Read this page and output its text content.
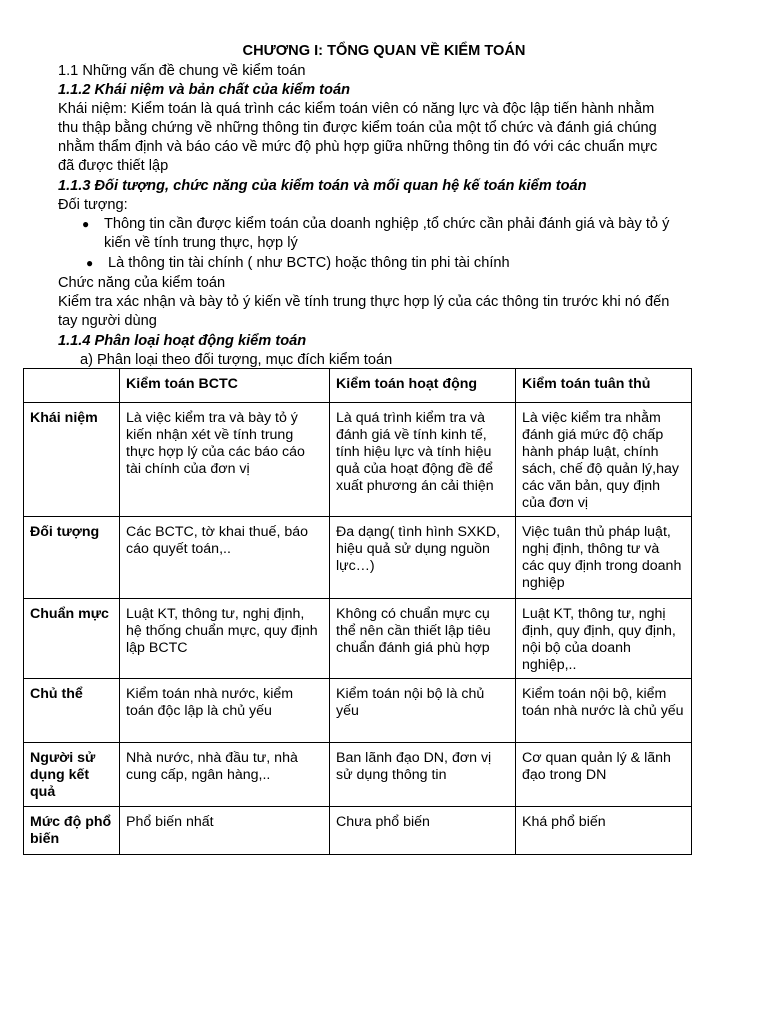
CHƯƠNG I: TỔNG QUAN VỀ KIỂM TOÁN
1.1 Những vấn đề chung về kiểm toán
1.1.2 Khái niệm và bản chất của kiểm toán
Khái niệm: Kiểm toán là quá trình các kiểm toán viên có năng lực và độc lập tiến hành nhằm
thu thập bằng chứng về những thông tin được kiểm toán của một tổ chức và đánh giá chúng
nhằm thẩm định và báo cáo về mức độ phù hợp giữa những thông tin đó với các chuẩn mực
đã được thiết lập
1.1.3 Đối tượng, chức năng của kiểm toán và mối quan hệ kế toán kiểm toán
Đối tượng:
● Thông tin cần được kiểm toán của doanh nghiệp ,tổ chức cần phải đánh giá và bày tỏ ý
kiến về tính trung thực, hợp lý
● Là thông tin tài chính ( như BCTC) hoặc thông tin phi tài chính
Chức năng của kiểm toán
Kiểm tra xác nhận và bày tỏ ý kiến về tính trung thực hợp lý của các thông tin trước khi nó đến
tay người dùng
1.1.4 Phân loại hoạt động kiểm toán
a) Phân loại theo đối tượng, mục đích kiểm toán
	Kiểm toán BCTC	Kiểm toán hoạt động	Kiểm toán tuân thủ
Khái niệm	Là việc kiểm tra và bày tỏ ý kiến nhận xét về tính trung thực hợp lý của các báo cáo tài chính của đơn vị	Là quá trình kiểm tra và đánh giá về tính kinh tế, tính hiệu lực và tính hiệu quả của hoạt động đề để xuất phương án cải thiện	Là việc kiểm tra nhằm đánh giá mức độ chấp hành pháp luật, chính sách, chế độ quản lý,hay các văn bản, quy định của đơn vị
Đối tượng	Các BCTC, tờ khai thuế, báo cáo quyết toán,..	Đa dạng( tình hình SXKD, hiệu quả sử dụng nguồn lực…)	Việc tuân thủ pháp luật, nghị định, thông tư và các quy định trong doanh nghiệp
Chuẩn mực	Luật KT, thông tư, nghị định, hệ thống chuẩn mực, quy định lập BCTC	Không có chuẩn mực cụ thể nên cần thiết lập tiêu chuẩn đánh giá phù hợp	Luật KT, thông tư, nghị định, quy định, quy định, nội bộ của doanh nghiệp,..
Chủ thể	Kiểm toán nhà nước, kiểm toán độc lập là chủ yếu	Kiểm toán nội bộ là chủ yếu	Kiểm toán nội bộ, kiểm toán nhà nước là chủ yếu
Người sử dụng kết quả	Nhà nước, nhà đầu tư, nhà cung cấp, ngân hàng,..	Ban lãnh đạo DN, đơn vị sử dụng thông tin	Cơ quan quản lý & lãnh đạo trong DN
Mức độ phổ biến	Phổ biến nhất	Chưa phổ biến	Khá phổ biến
